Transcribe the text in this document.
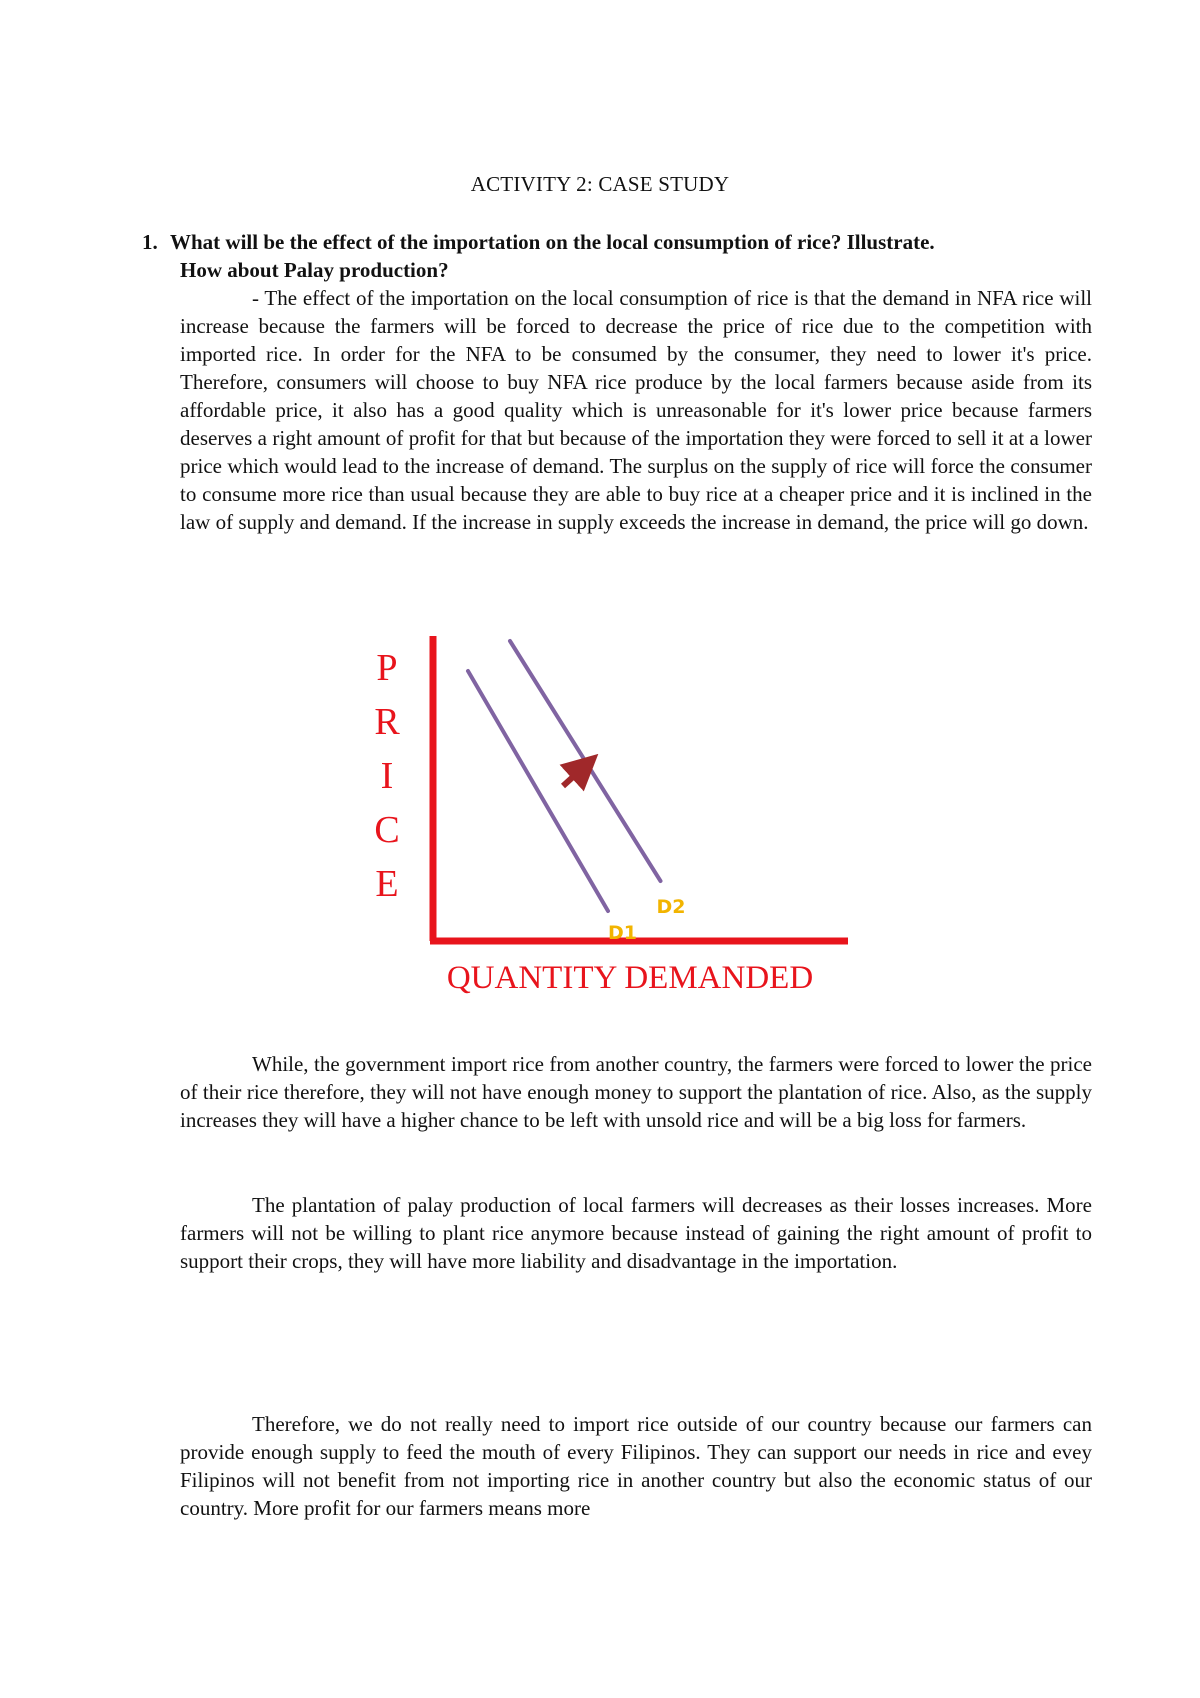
ACTIVITY 2: CASE STUDY
1. What will be the effect of the importation on the local consumption of rice? Illustrate.
How about Palay production?

- The effect of the importation on the local consumption of rice is that the demand in NFA rice will increase because the farmers will be forced to decrease the price of rice due to the competition with imported rice. In order for the NFA to be consumed by the consumer, they need to lower it's price. Therefore, consumers will choose to buy NFA rice produce by the local farmers because aside from its affordable price, it also has a good quality which is unreasonable for it's lower price because farmers deserves a right amount of profit for that but because of the importation they were forced to sell it at a lower price which would lead to the increase of demand. The surplus on the supply of rice will force the consumer to consume more rice than usual because they are able to buy rice at a cheaper price and it is inclined in the law of supply and demand. If the increase in supply exceeds the increase in demand, the price will go down.

P
R
I
C
E
QUANTITY DEMANDED
D1
D2

While, the government import rice from another country, the farmers were forced to lower the price of their rice therefore, they will not have enough money to support the plantation of rice. Also, as the supply increases they will have a higher chance to be left with unsold rice and will be a big loss for farmers.

The plantation of palay production of local farmers will decreases as their losses increases. More farmers will not be willing to plant rice anymore because instead of gaining the right amount of profit to support their crops, they will have more liability and disadvantage in the importation.

Therefore, we do not really need to import rice outside of our country because our farmers can provide enough supply to feed the mouth of every Filipinos. They can support our needs in rice and evey Filipinos will not benefit from not importing rice in another country but also the economic status of our country. More profit for our farmers means more
